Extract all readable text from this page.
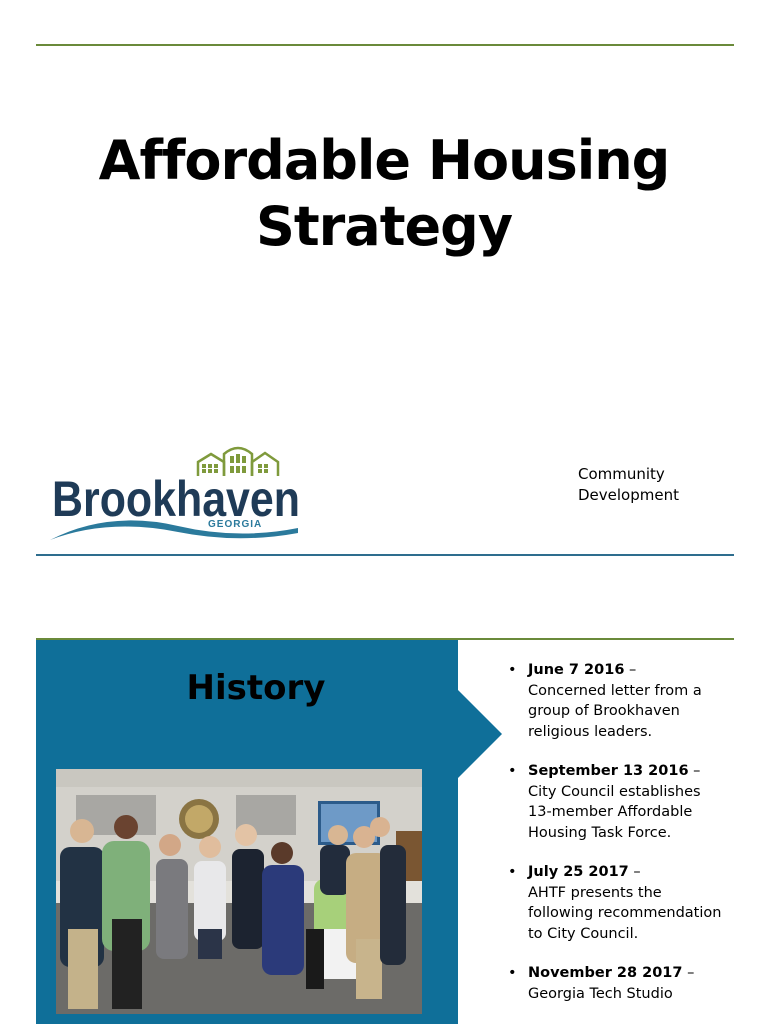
Affordable Housing
Strategy
Brookhaven
GEORGIA
Community
Development
History
•	June 7 2016 –
Concerned letter from a group of Brookhaven religious leaders.
• September 13 2016 –
City Council establishes 13-member Affordable Housing Task Force.
• July 25 2017 –
AHTF presents the following recommendation to City Council.
• November 28 2017 –
Georgia Tech Studio
